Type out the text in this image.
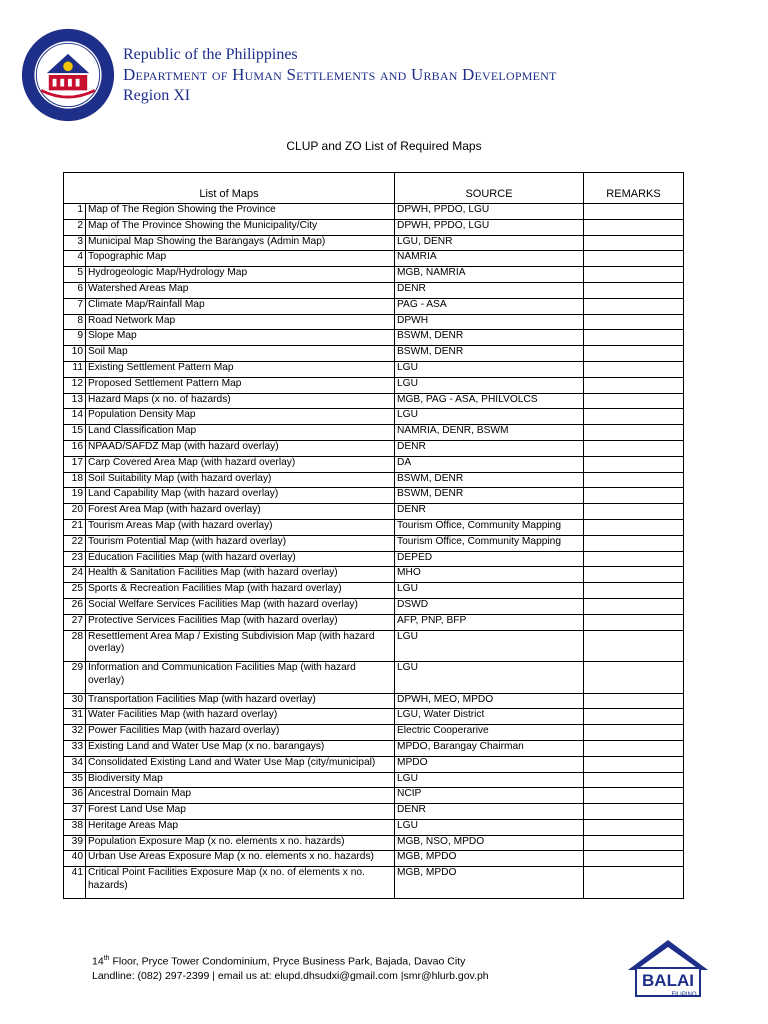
Republic of the Philippines
Department of Human Settlements and Urban Development
Region XI
CLUP and ZO List of Required Maps
List of Maps		SOURCE	REMARKS
1	Map of The Region Showing the Province	DPWH, PPDO, LGU	
2	Map of The Province Showing the Municipality/City	DPWH, PPDO, LGU	
3	Municipal Map Showing the Barangays (Admin Map)	LGU, DENR	
4	Topographic Map	NAMRIA	
5	Hydrogeologic Map/Hydrology Map	MGB, NAMRIA	
6	Watershed Areas Map	DENR	
7	Climate Map/Rainfall Map	PAG - ASA	
8	Road Network Map	DPWH	
9	Slope Map	BSWM, DENR	
10	Soil Map	BSWM, DENR	
11	Existing Settlement Pattern Map	LGU	
12	Proposed Settlement Pattern Map	LGU	
13	Hazard Maps (x no. of hazards)	MGB, PAG - ASA, PHILVOLCS	
14	Population Density Map	LGU	
15	Land Classification Map	NAMRIA, DENR, BSWM	
16	NPAAD/SAFDZ Map (with hazard overlay)	DENR	
17	Carp Covered Area Map (with hazard overlay)	DA	
18	Soil Suitability Map (with hazard overlay)	BSWM, DENR	
19	Land Capability Map (with hazard overlay)	BSWM, DENR	
20	Forest Area Map (with hazard overlay)	DENR	
21	Tourism Areas Map (with hazard overlay)	Tourism Office, Community Mapping	
22	Tourism Potential Map (with hazard overlay)	Tourism Office, Community Mapping	
23	Education Facilities Map (with hazard overlay)	DEPED	
24	Health & Sanitation Facilities Map (with hazard overlay)	MHO	
25	Sports & Recreation Facilities Map (with hazard overlay)	LGU	
26	Social Welfare Services Facilities Map (with hazard overlay)	DSWD	
27	Protective Services Facilities Map (with hazard overlay)	AFP, PNP, BFP	
28	Resettlement Area Map / Existing Subdivision Map (with hazard overlay)	LGU	
29	Information and Communication Facilities Map (with hazard overlay)	LGU	
30	Transportation Facilities Map (with hazard overlay)	DPWH, MEO, MPDO	
31	Water Facilities Map (with hazard overlay)	LGU, Water District	
32	Power Facilities Map (with hazard overlay)	Electric Cooperarive	
33	Existing Land and Water Use Map (x no. barangays)	MPDO, Barangay Chairman	
34	Consolidated Existing Land and Water Use Map (city/municipal)	MPDO	
35	Biodiversity Map	LGU	
36	Ancestral Domain Map	NCIP	
37	Forest Land Use Map	DENR	
38	Heritage Areas Map	LGU	
39	Population Exposure Map (x no. elements x no. hazards)	MGB, NSO, MPDO	
40	Urban Use Areas Exposure Map (x no. elements x no. hazards)	MGB, MPDO	
41	Critical Point Facilities Exposure Map (x no. of elements x no. hazards)	MGB, MPDO	
14th Floor, Pryce Tower Condominium, Pryce Business Park, Bajada, Davao City
Landline: (082) 297-2399 | email us at: elupd.dhsudxi@gmail.com |smr@hlurb.gov.ph	BALAI
FILIPINO
